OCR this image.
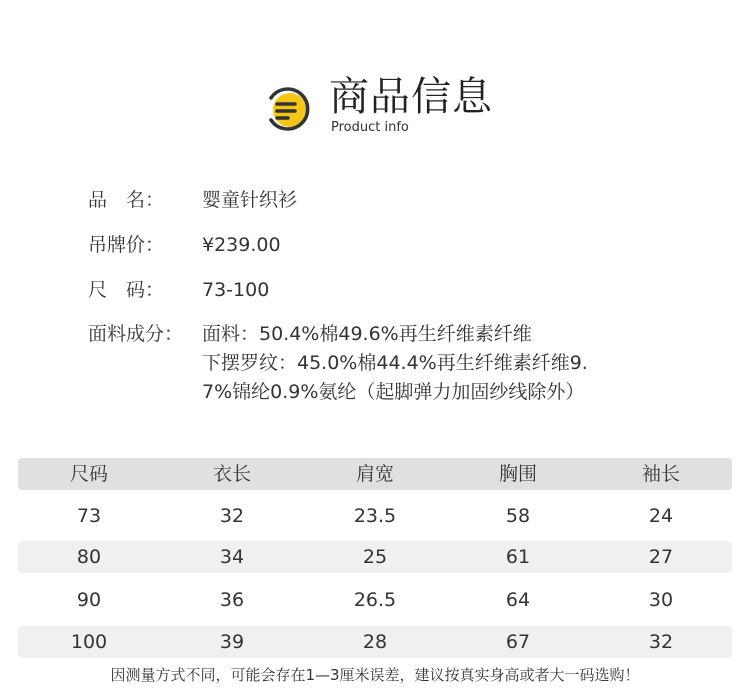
商品信息
Product info
品　名：	婴童针织衫
吊牌价：	¥239.00
尺　码：	73-100
面料成分： 面料：50.4%棉49.6%再生纤维素纤维
下摆罗纹：45.0%棉44.4%再生纤维素纤维9.
7%锦纶0.9%氨纶（起脚弹力加固纱线除外）
尺码	衣长	肩宽	胸围	袖长
73	32	23.5	58	24
80	34	25	61	27
90	36	26.5	64	30
100	39	28	67	32
因测量方式不同，可能会存在1—3厘米误差，建议按真实身高或者大一码选购！
